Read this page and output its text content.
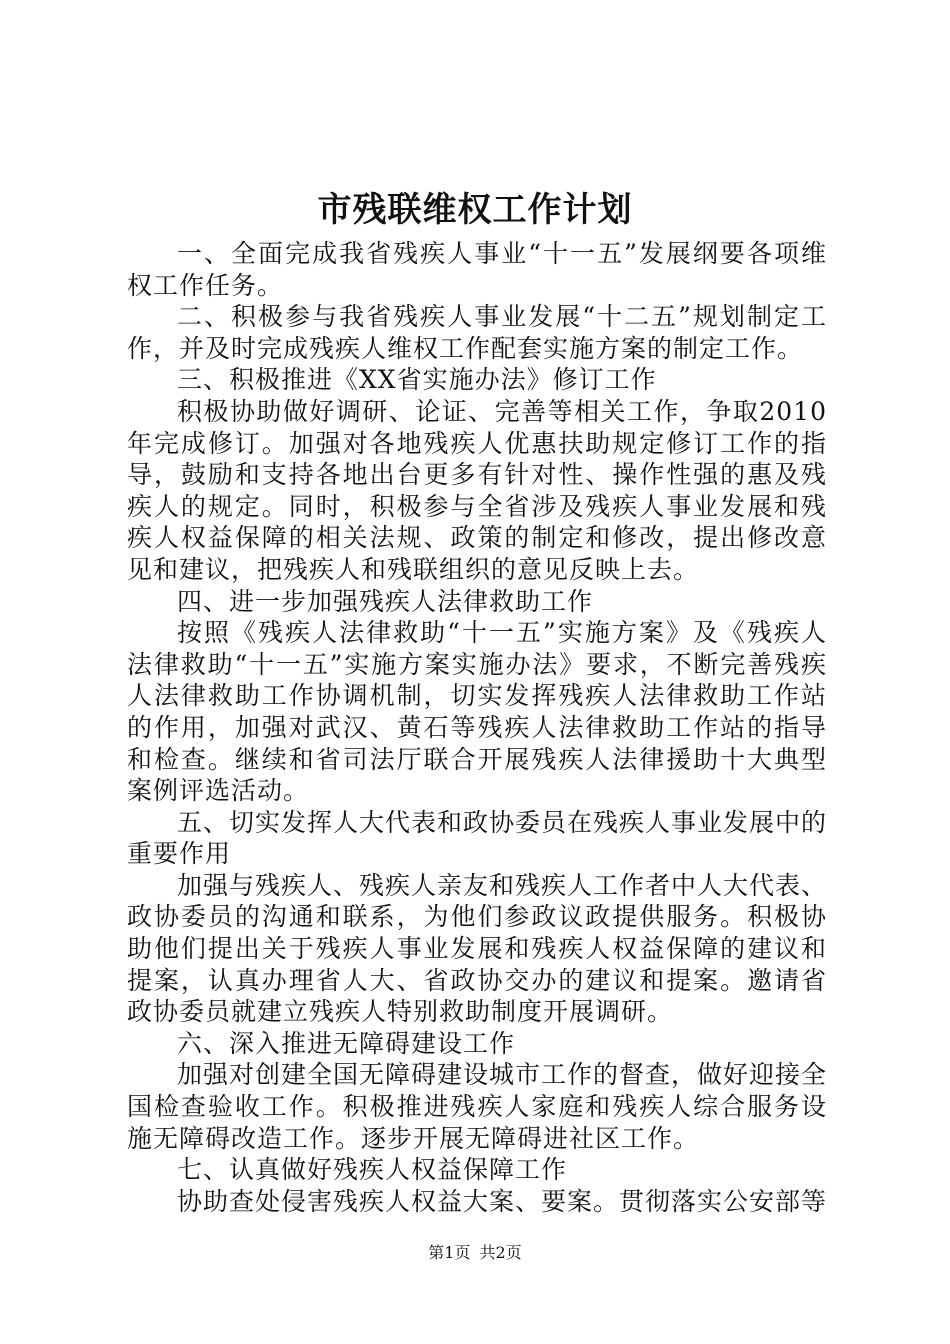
市残联维权工作计划

一、全面完成我省残疾人事业“十一五”发展纲要各项维权工作任务。

二、积极参与我省残疾人事业发展“十二五”规划制定工作，并及时完成残疾人维权工作配套实施方案的制定工作。

三、积极推进《XX省实施办法》修订工作

积极协助做好调研、论证、完善等相关工作，争取2010年完成修订。加强对各地残疾人优惠扶助规定修订工作的指导，鼓励和支持各地出台更多有针对性、操作性强的惠及残疾人的规定。同时，积极参与全省涉及残疾人事业发展和残疾人权益保障的相关法规、政策的制定和修改，提出修改意见和建议，把残疾人和残联组织的意见反映上去。

四、进一步加强残疾人法律救助工作

按照《残疾人法律救助“十一五”实施方案》及《残疾人法律救助“十一五”实施方案实施办法》要求，不断完善残疾人法律救助工作协调机制，切实发挥残疾人法律救助工作站的作用，加强对武汉、黄石等残疾人法律救助工作站的指导和检查。继续和省司法厅联合开展残疾人法律援助十大典型案例评选活动。

五、切实发挥人大代表和政协委员在残疾人事业发展中的重要作用

加强与残疾人、残疾人亲友和残疾人工作者中人大代表、政协委员的沟通和联系，为他们参政议政提供服务。积极协助他们提出关于残疾人事业发展和残疾人权益保障的建议和提案，认真办理省人大、省政协交办的建议和提案。邀请省政协委员就建立残疾人特别救助制度开展调研。

六、深入推进无障碍建设工作

加强对创建全国无障碍建设城市工作的督查，做好迎接全国检查验收工作。积极推进残疾人家庭和残疾人综合服务设施无障碍改造工作。逐步开展无障碍进社区工作。

七、认真做好残疾人权益保障工作

协助查处侵害残疾人权益大案、要案。贯彻落实公安部等

第1页 共2页
